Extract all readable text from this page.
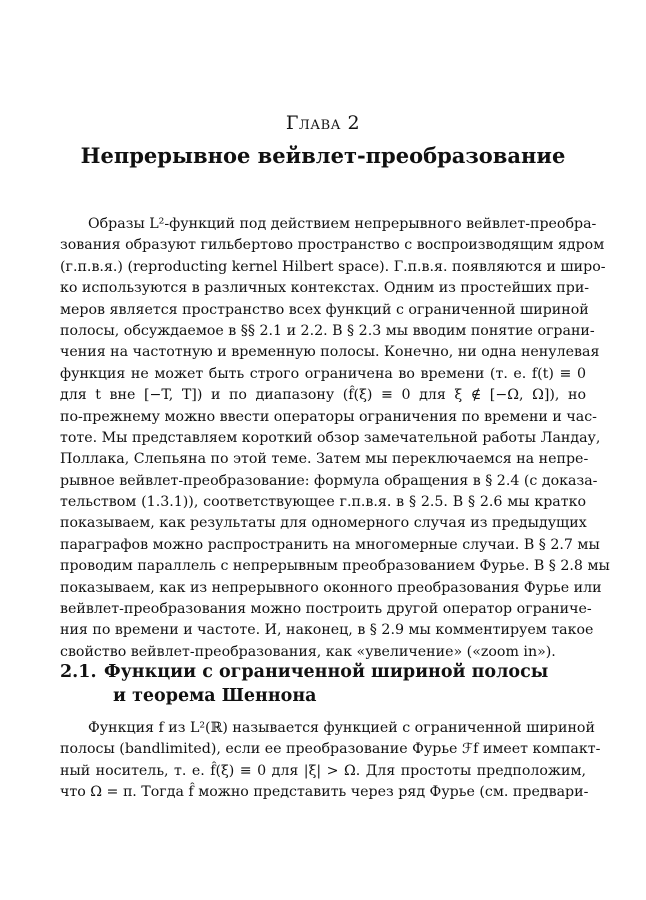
Глава 2
Непрерывное вейвлет-преобразование
Образы L²-функций под действием непрерывного вейвлет-преобра-
зования образуют гильбертово пространство с воспроизводящим ядром
(г.п.в.я.) (reproducting kernel Hilbert space). Г.п.в.я. появляются и широ-
ко используются в различных контекстах. Одним из простейших при-
меров является пространство всех функций с ограниченной шириной
полосы, обсуждаемое в §§ 2.1 и 2.2. В § 2.3 мы вводим понятие ограни-
чения на частотную и временную полосы. Конечно, ни одна ненулевая
функция не может быть строго ограничена во времени (т. е. f(t) ≡ 0
для t вне [−T, T]) и по диапазону (f̂(ξ) ≡ 0 для ξ ∉ [−Ω, Ω]), но
по-прежнему можно ввести операторы ограничения по времени и час-
тоте. Мы представляем короткий обзор замечательной работы Ландау,
Поллака, Слепьяна по этой теме. Затем мы переключаемся на непре-
рывное вейвлет-преобразование: формула обращения в § 2.4 (с доказа-
тельством (1.3.1)), соответствующее г.п.в.я. в § 2.5. В § 2.6 мы кратко
показываем, как результаты для одномерного случая из предыдущих
параграфов можно распространить на многомерные случаи. В § 2.7 мы
проводим параллель с непрерывным преобразованием Фурье. В § 2.8 мы
показываем, как из непрерывного оконного преобразования Фурье или
вейвлет-преобразования можно построить другой оператор ограниче-
ния по времени и частоте. И, наконец, в § 2.9 мы комментируем такое
свойство вейвлет-преобразования, как «увеличение» («zoom in»).
2.1. Функции с ограниченной шириной полосы
и теорема Шеннона
Функция f из L²(ℝ) называется функцией с ограниченной шириной
полосы (bandlimited), если ее преобразование Фурье ℱf имеет компакт-
ный носитель, т. е. f̂(ξ) ≡ 0 для |ξ| > Ω. Для простоты предположим,
что Ω = π. Тогда f̂ можно представить через ряд Фурье (см. предвари-
